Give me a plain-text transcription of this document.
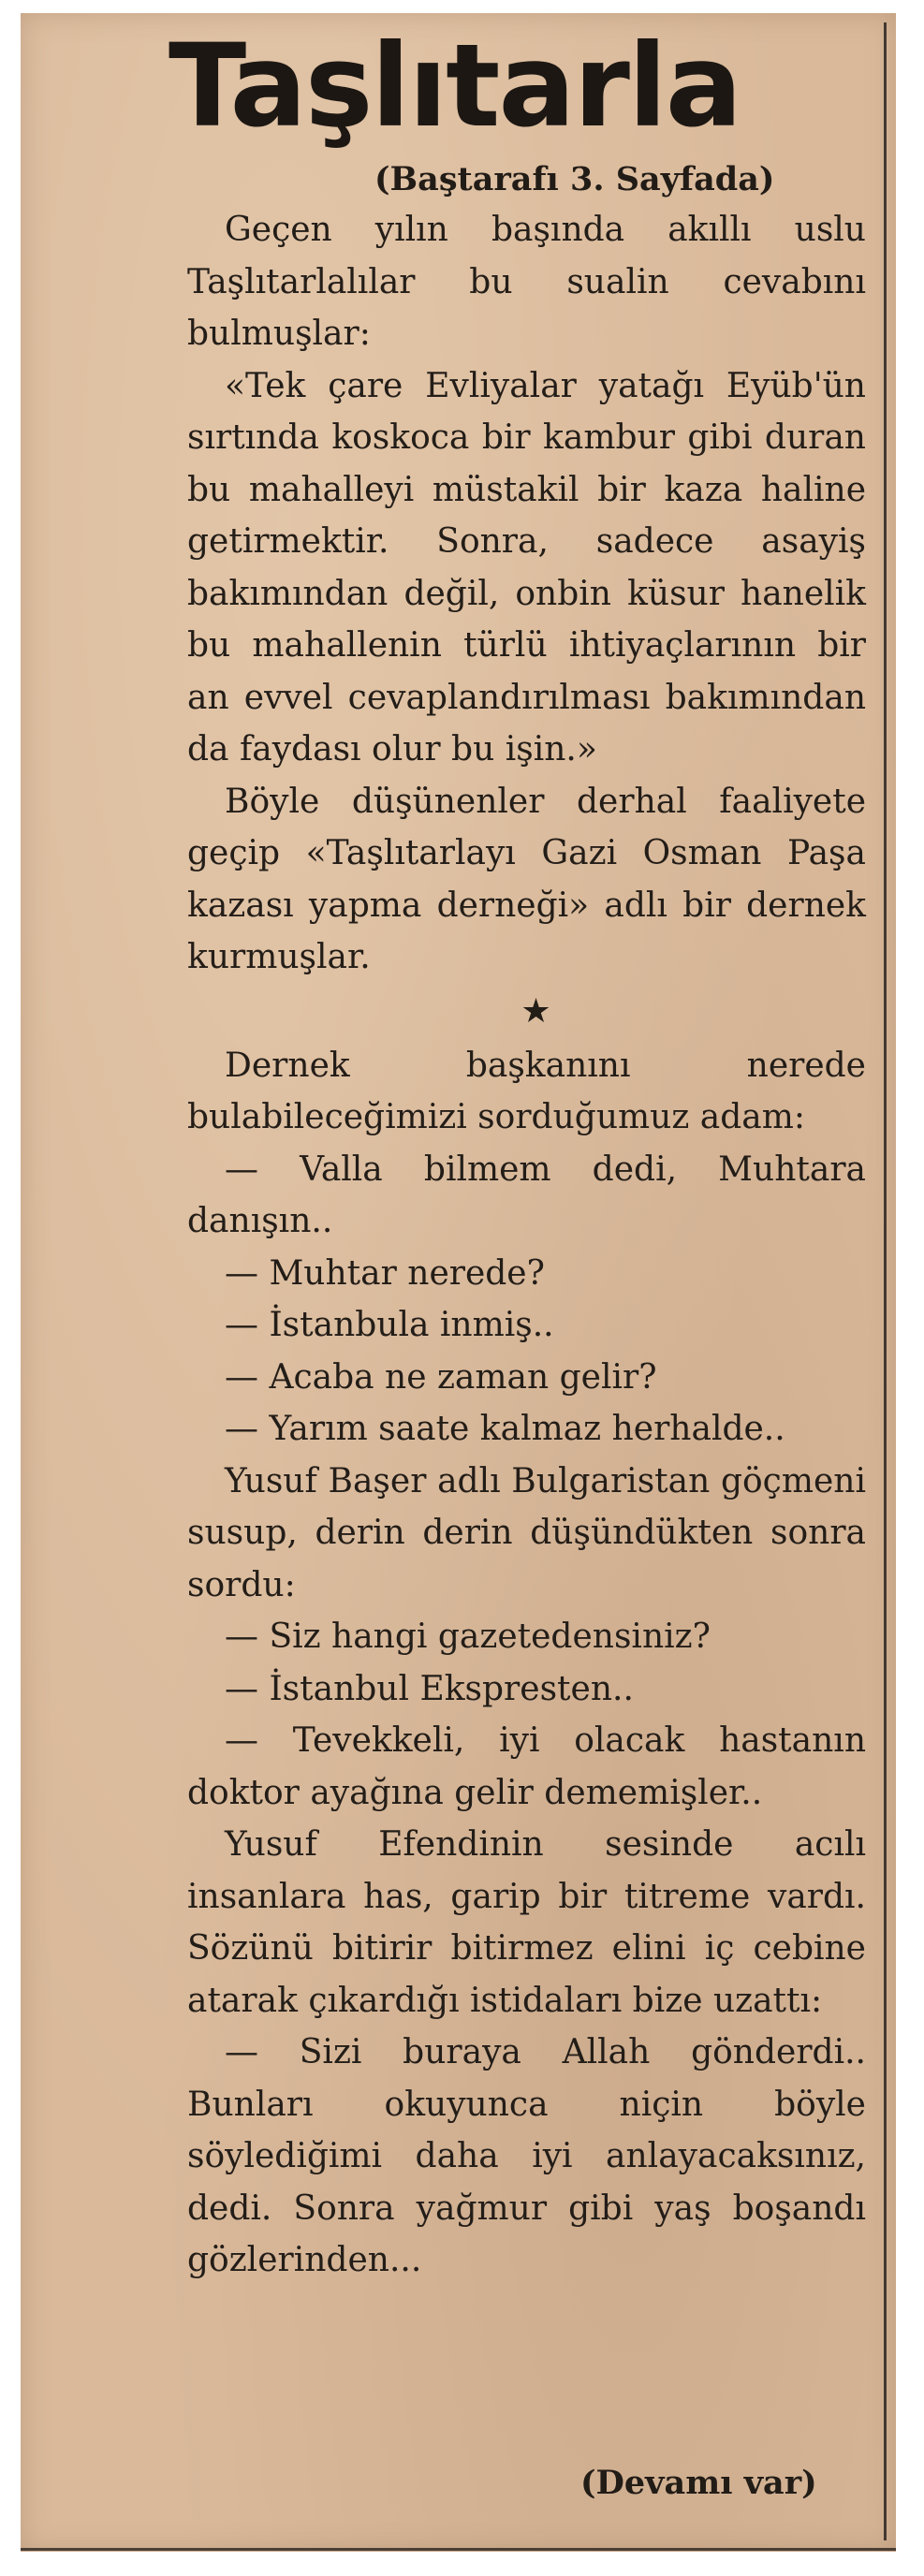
Taşlıtarla

(Baştarafı 3. Sayfada)

Geçen yılın başında akıllı uslu Taşlıtarlalılar bu sualin cevabını bulmuşlar:

«Tek çare Evliyalar yatağı Eyüb'ün sırtında koskoca bir kambur gibi duran bu mahalleyi müstakil bir kaza haline getirmektir. Sonra, sadece asayiş bakımından değil, onbin küsur hanelik bu mahallenin türlü ihtiyaçlarının bir an evvel cevaplandırılması bakımından da faydası olur bu işin.»

Böyle düşünenler derhal faaliyete geçip «Taşlıtarlayı Gazi Osman Paşa kazası yapma derneği» adlı bir dernek kurmuşlar.

★

Dernek başkanını nerede bulabileceğimizi sorduğumuz adam:

— Valla bilmem dedi, Muhtara danışın..

— Muhtar nerede?

— İstanbula inmiş..

— Acaba ne zaman gelir?

— Yarım saate kalmaz herhalde..

Yusuf Başer adlı Bulgaristan göçmeni susup, derin derin düşündükten sonra sordu:

— Siz hangi gazetedensiniz?

— İstanbul Ekspresten..

— Tevekkeli, iyi olacak hastanın doktor ayağına gelir dememişler..

Yusuf Efendinin sesinde acılı insanlara has, garip bir titreme vardı. Sözünü bitirir bitirmez elini iç cebine atarak çıkardığı istidaları bize uzattı:

— Sizi buraya Allah gönderdi.. Bunları okuyunca niçin böyle söylediğimi daha iyi anlayacaksınız, dedi. Sonra yağmur gibi yaş boşandı gözlerinden...

(Devamı var)
